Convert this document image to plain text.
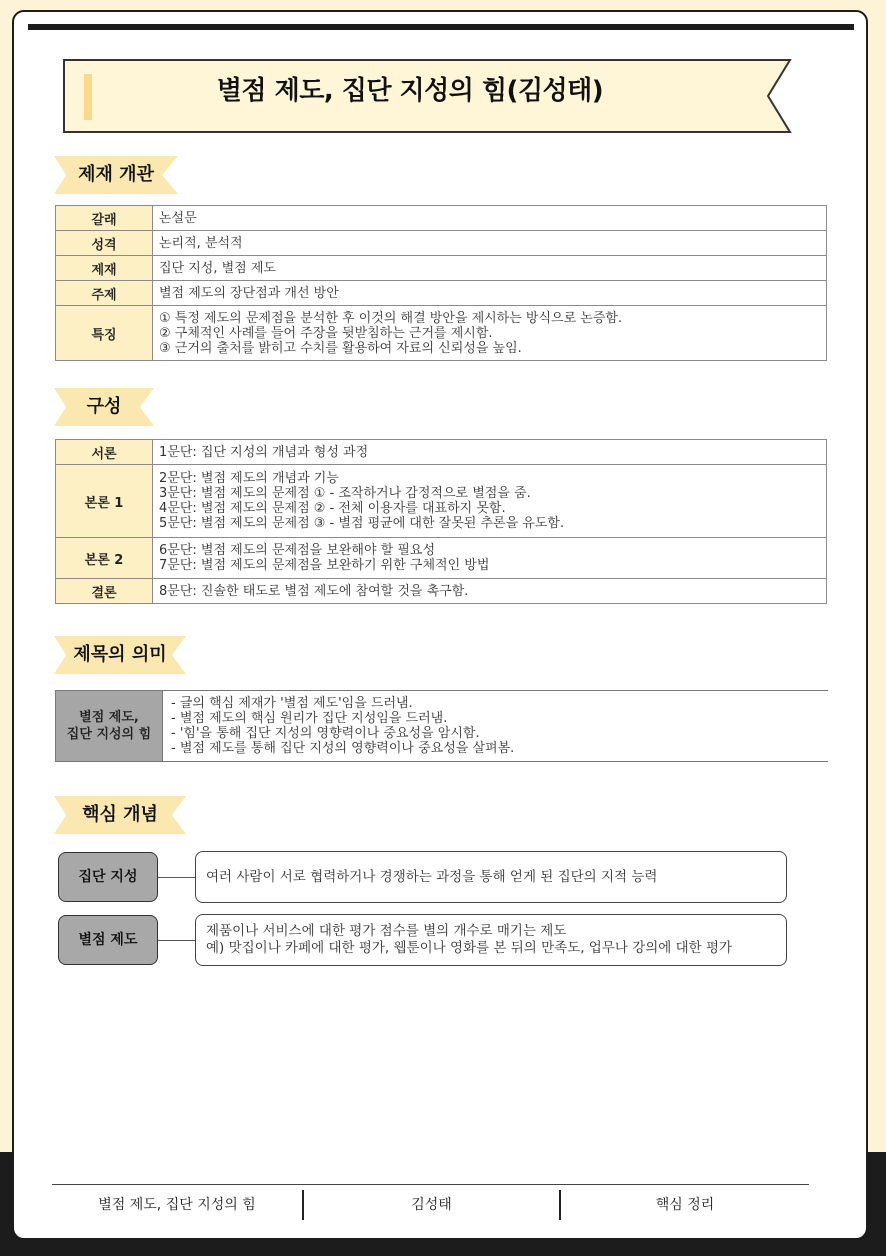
별점 제도, 집단 지성의 힘(김성태)
제재 개관
갈래	논설문

성격	논리적, 분석적

제재	집단 지성, 별점 제도

주제	별점 제도의 장단점과 개선 방안

특징	① 특정 제도의 문제점을 분석한 후 이것의 해결 방안을 제시하는 방식으로 논증함.
② 구체적인 사례를 들어 주장을 뒷받침하는 근거를 제시함.
③ 근거의 출처를 밝히고 수치를 활용하여 자료의 신뢰성을 높임.
구성
서론	1문단: 집단 지성의 개념과 형성 과정

본론 1	2문단: 별점 제도의 개념과 기능
3문단: 별점 제도의 문제점 ① - 조작하거나 감정적으로 별점을 줌.
4문단: 별점 제도의 문제점 ② - 전체 이용자를 대표하지 못함.
5문단: 별점 제도의 문제점 ③ - 별점 평균에 대한 잘못된 추론을 유도함.

본론 2	6문단: 별점 제도의 문제점을 보완해야 할 필요성
7문단: 별점 제도의 문제점을 보완하기 위한 구체적인 방법

결론	8문단: 진솔한 태도로 별점 제도에 참여할 것을 촉구함.
제목의 의미
별점 제도,
집단 지성의 힘

- 글의 핵심 제재가 '별점 제도'임을 드러냄.
- 별점 제도의 핵심 원리가 집단 지성임을 드러냄.
- '힘'을 통해 집단 지성의 영향력이나 중요성을 암시함.
- 별점 제도를 통해 집단 지성의 영향력이나 중요성을 살펴봄.
핵심 개념
집단 지성	여러 사람이 서로 협력하거나 경쟁하는 과정을 통해 얻게 된 집단의 지적 능력
별점 제도
제품이나 서비스에 대한 평가 점수를 별의 개수로 매기는 제도
예) 맛집이나 카페에 대한 평가, 웹툰이나 영화를 본 뒤의 만족도, 업무나 강의에 대한 평가
별점 제도, 집단 지성의 힘	김성태	핵심 정리
